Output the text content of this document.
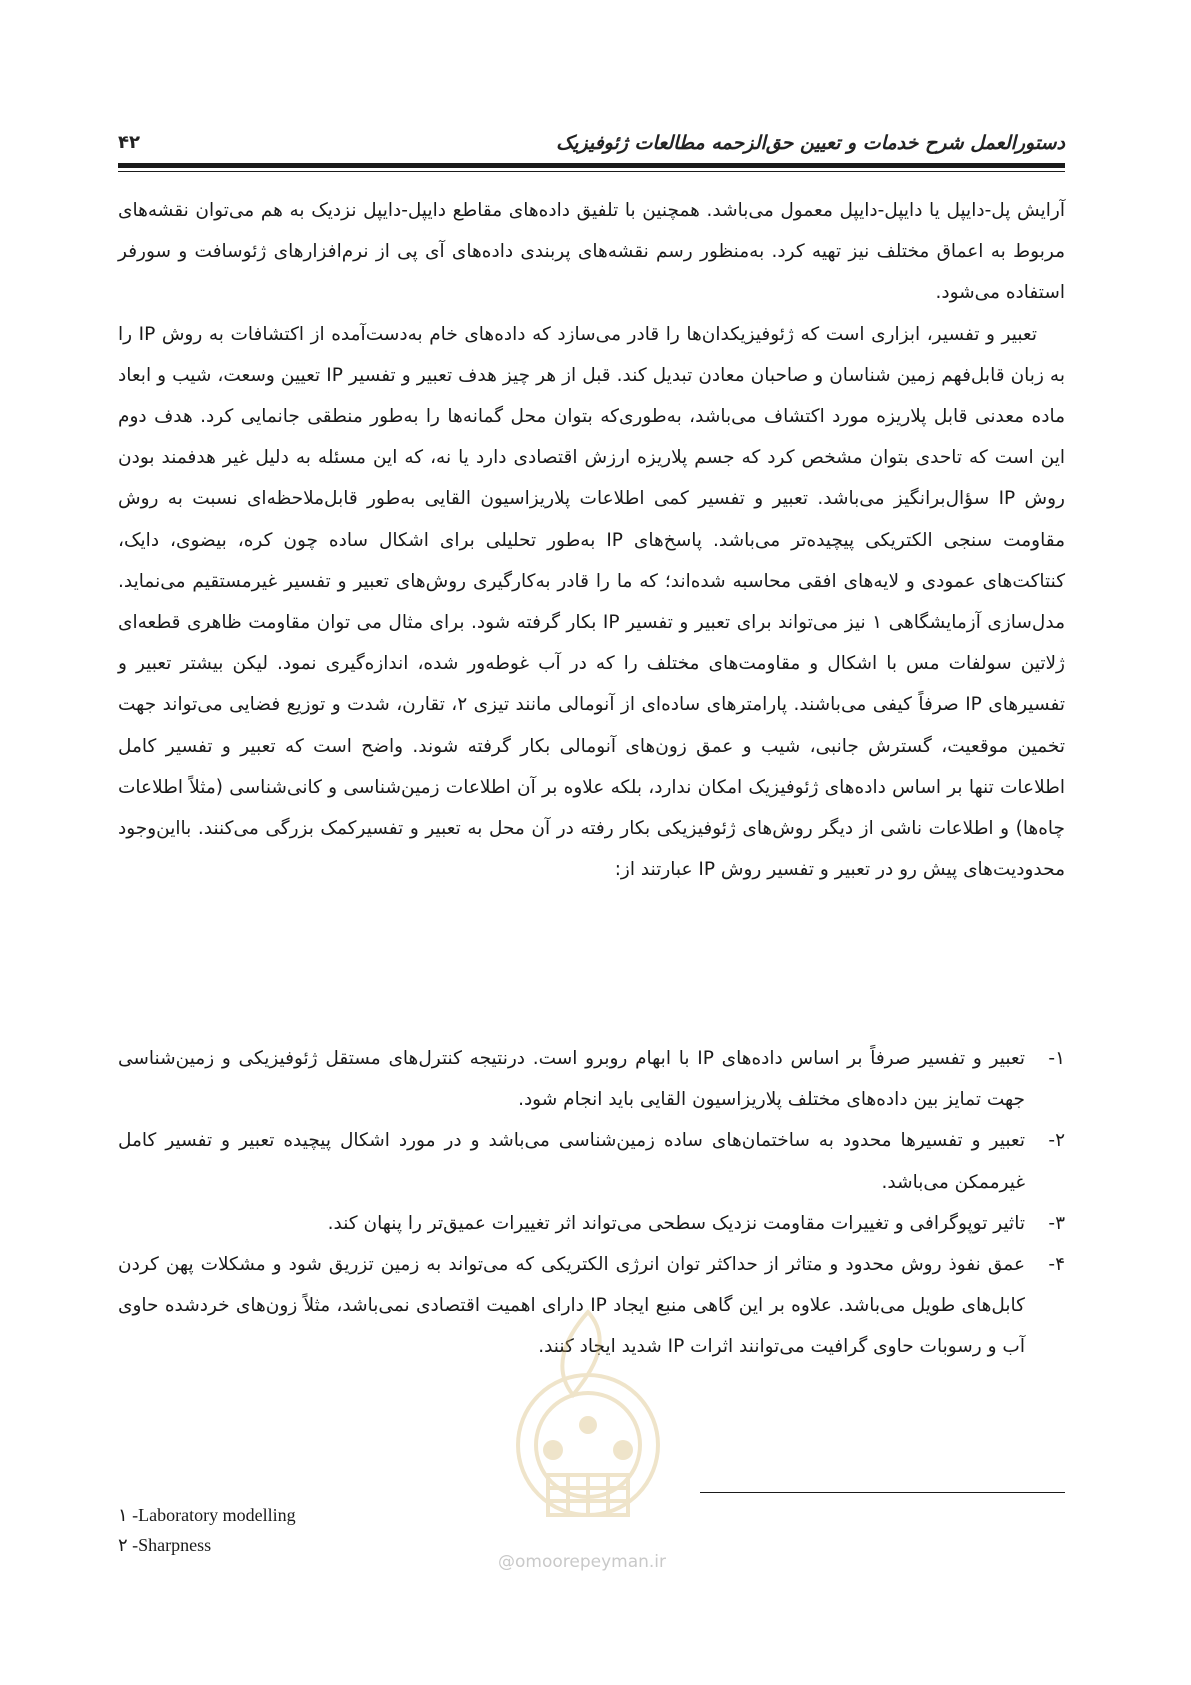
دستورالعمل شرح خدمات و تعیین حق‌الزحمه مطالعات ژئوفیزیک
۴۲

آرایش پل-دایپل یا دایپل-دایپل معمول می‌باشد. همچنین با تلفیق داده‌های مقاطع دایپل-دایپل نزدیک به هم می‌توان نقشه‌های مربوط به اعماق مختلف نیز تهیه کرد. به‌منظور رسم نقشه‌های پربندی داده‌های آی پی از نرم‌افزارهای ژئوسافت و سورفر استفاده می‌شود.

تعبیر و تفسیر، ابزاری است که ژئوفیزیکدان‌ها را قادر می‌سازد که داده‌های خام به‌دست‌آمده از اکتشافات به روش IP را به زبان قابل‌فهم زمین شناسان و صاحبان معادن تبدیل کند. قبل از هر چیز هدف تعبیر و تفسیر IP تعیین وسعت، شیب و ابعاد ماده معدنی قابل پلاریزه مورد اکتشاف می‌باشد، به‌طوری‌که بتوان محل گمانه‌ها را به‌طور منطقی جانمایی کرد. هدف دوم این است که تاحدی بتوان مشخص کرد که جسم پلاریزه ارزش اقتصادی دارد یا نه، که این مسئله به دلیل غیر هدفمند بودن روش IP سؤال‌برانگیز می‌باشد. تعبیر و تفسیر کمی اطلاعات پلاریزاسیون القایی به‌طور قابل‌ملاحظه‌ای نسبت به روش مقاومت سنجی الکتریکی پیچیده‌تر می‌باشد. پاسخ‌های IP به‌طور تحلیلی برای اشکال ساده چون کره، بیضوی، دایک، کنتاکت‌های عمودی و لایه‌های افقی محاسبه شده‌اند؛ که ما را قادر به‌کارگیری روش‌های تعبیر و تفسیر غیرمستقیم می‌نماید. مدل‌سازی آزمایشگاهی ۱ نیز می‌تواند برای تعبیر و تفسیر IP بکار گرفته شود. برای مثال می توان مقاومت ظاهری قطعه‌ای ژلاتین سولفات مس با اشکال و مقاومت‌های مختلف را که در آب غوطه‌ور شده، اندازه‌گیری نمود. لیکن بیشتر تعبیر و تفسیرهای IP صرفاً کیفی می‌باشند. پارامترهای ساده‌ای از آنومالی مانند تیزی ۲، تقارن، شدت و توزیع فضایی می‌تواند جهت تخمین موقعیت، گسترش جانبی، شیب و عمق زون‌های آنومالی بکار گرفته شوند. واضح است که تعبیر و تفسیر کامل اطلاعات تنها بر اساس داده‌های ژئوفیزیک امکان ندارد، بلکه علاوه بر آن اطلاعات زمین‌شناسی و کانی‌شناسی (مثلاً اطلاعات چاه‌ها) و اطلاعات ناشی از دیگر روش‌های ژئوفیزیکی بکار رفته در آن محل به تعبیر و تفسیرکمک بزرگی می‌کنند. بااین‌وجود محدودیت‌های پیش رو در تعبیر و تفسیر روش IP عبارتند از:

۱-
تعبیر و تفسیر صرفاً بر اساس داده‌های IP با ابهام روبرو است. درنتیجه کنترل‌های مستقل ژئوفیزیکی و زمین‌شناسی جهت تمایز بین داده‌های مختلف پلاریزاسیون القایی باید انجام شود.
۲-
تعبیر و تفسیرها محدود به ساختمان‌های ساده زمین‌شناسی می‌باشد و در مورد اشکال پیچیده تعبیر و تفسیر کامل غیرممکن می‌باشد.
۳-
تاثیر توپوگرافی و تغییرات مقاومت نزدیک سطحی می‌تواند اثر تغییرات عمیق‌تر را پنهان کند.
۴-
عمق نفوذ روش محدود و متاثر از حداکثر توان انرژی الکتریکی که می‌تواند به زمین تزریق شود و مشکلات پهن کردن کابل‌های طویل می‌باشد. علاوه بر این گاهی منبع ایجاد IP دارای اهمیت اقتصادی نمی‌باشد، مثلاً زون‌های خردشده حاوی آب و رسوبات حاوی گرافیت می‌توانند اثرات IP شدید ایجاد کنند.
@omoorepeyman.ir
۱ -Laboratory modelling
۲ -Sharpness
